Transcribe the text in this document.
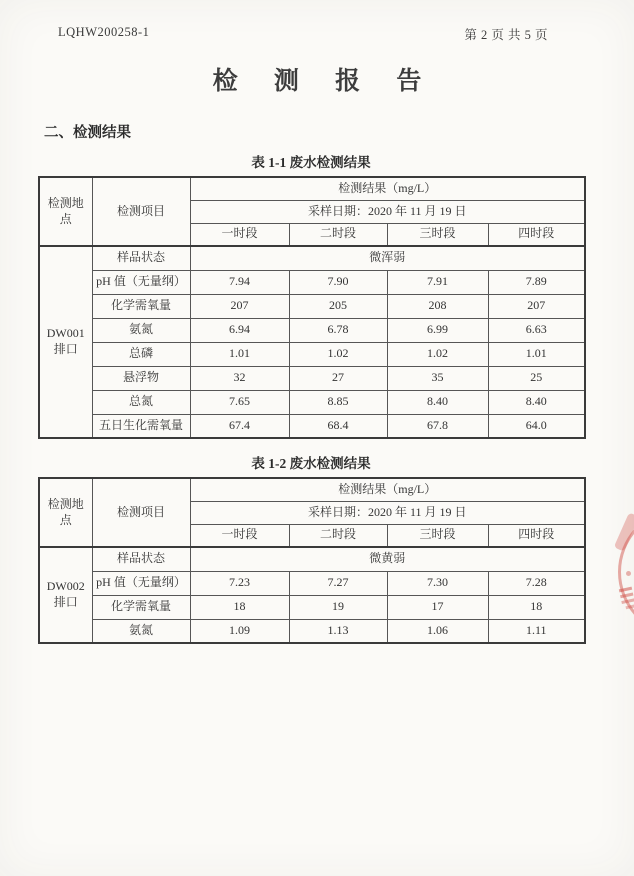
LQHW200258-1	第 2 页 共 5 页
检 测 报 告
二、检测结果
表 1-1 废水检测结果
检测地点	检测项目	检测结果（mg/L）			
		采样日期：2020 年 11 月 19 日			
		一时段	二时段	三时段	四时段
DW001 排口	样品状态	微浑弱			
	pH 值（无量纲）	7.94	7.90	7.91	7.89
	化学需氧量	207	205	208	207
	氨氮	6.94	6.78	6.99	6.63
	总磷	1.01	1.02	1.02	1.01
	悬浮物	32	27	35	25
	总氮	7.65	8.85	8.40	8.40
	五日生化需氧量	67.4	68.4	67.8	64.0
表 1-2 废水检测结果
检测地点	检测项目	检测结果（mg/L）			
		采样日期：2020 年 11 月 19 日			
		一时段	二时段	三时段	四时段
DW002 排口	样品状态	微黄弱			
	pH 值（无量纲）	7.23	7.27	7.30	7.28
	化学需氧量	18	19	17	18
	氨氮	1.09	1.13	1.06	1.11
